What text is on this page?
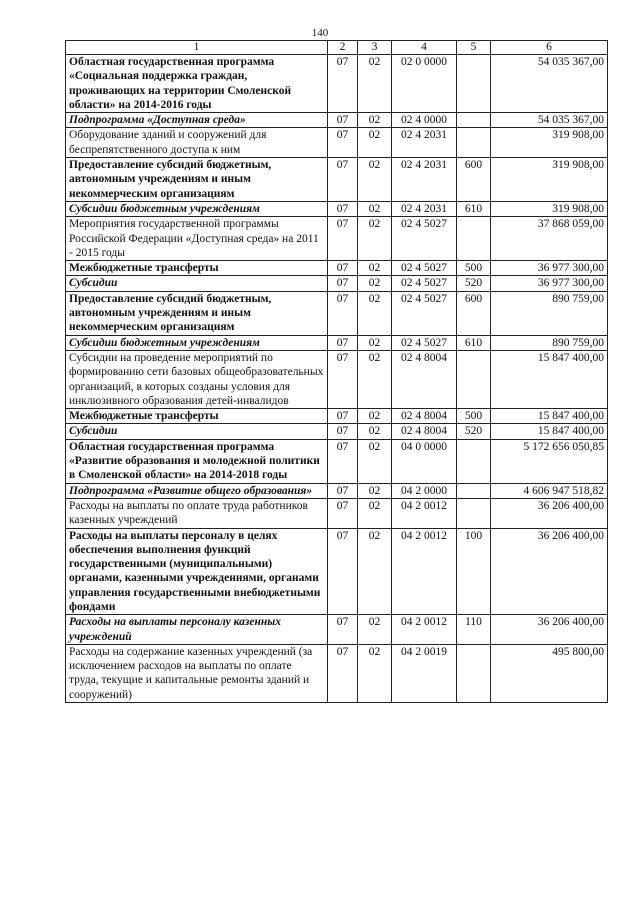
140
1	2	3	4	5	6
Областная государственная программа «Социальная поддержка граждан, проживающих на территории Смоленской области» на 2014-2016 годы	07	02	02 0 0000		54 035 367,00
Подпрограмма «Доступная среда»	07	02	02 4 0000		54 035 367,00
Оборудование зданий и сооружений для беспрепятственного доступа к ним	07	02	02 4 2031		319 908,00
Предоставление субсидий бюджетным, автономным учреждениям и иным некоммерческим организациям	07	02	02 4 2031	600	319 908,00
Субсидии бюджетным учреждениям	07	02	02 4 2031	610	319 908,00
Мероприятия государственной программы Российской Федерации «Доступная среда» на 2011 - 2015 годы	07	02	02 4 5027		37 868 059,00
Межбюджетные трансферты	07	02	02 4 5027	500	36 977 300,00
Субсидии	07	02	02 4 5027	520	36 977 300,00
Предоставление субсидий бюджетным, автономным учреждениям и иным некоммерческим организациям	07	02	02 4 5027	600	890 759,00
Субсидии бюджетным учреждениям	07	02	02 4 5027	610	890 759,00
Субсидии на проведение мероприятий по формированию сети базовых общеобразовательных организаций, в которых созданы условия для инклюзивного образования детей-инвалидов	07	02	02 4 8004		15 847 400,00
Межбюджетные трансферты	07	02	02 4 8004	500	15 847 400,00
Субсидии	07	02	02 4 8004	520	15 847 400,00
Областная государственная программа «Развитие образования и молодежной политики в Смоленской области» на 2014-2018 годы	07	02	04 0 0000		5 172 656 050,85
Подпрограмма «Развитие общего образования»	07	02	04 2 0000		4 606 947 518,82
Расходы на выплаты по оплате труда работников казенных учреждений	07	02	04 2 0012		36 206 400,00
Расходы на выплаты персоналу в целях обеспечения выполнения функций государственными (муниципальными) органами, казенными учреждениями, органами управления государственными внебюджетными фондами	07	02	04 2 0012	100	36 206 400,00
Расходы на выплаты персоналу казенных учреждений	07	02	04 2 0012	110	36 206 400,00
Расходы на содержание казенных учреждений (за исключением расходов на выплаты по оплате труда, текущие и капитальные ремонты зданий и сооружений)	07	02	04 2 0019		495 800,00
